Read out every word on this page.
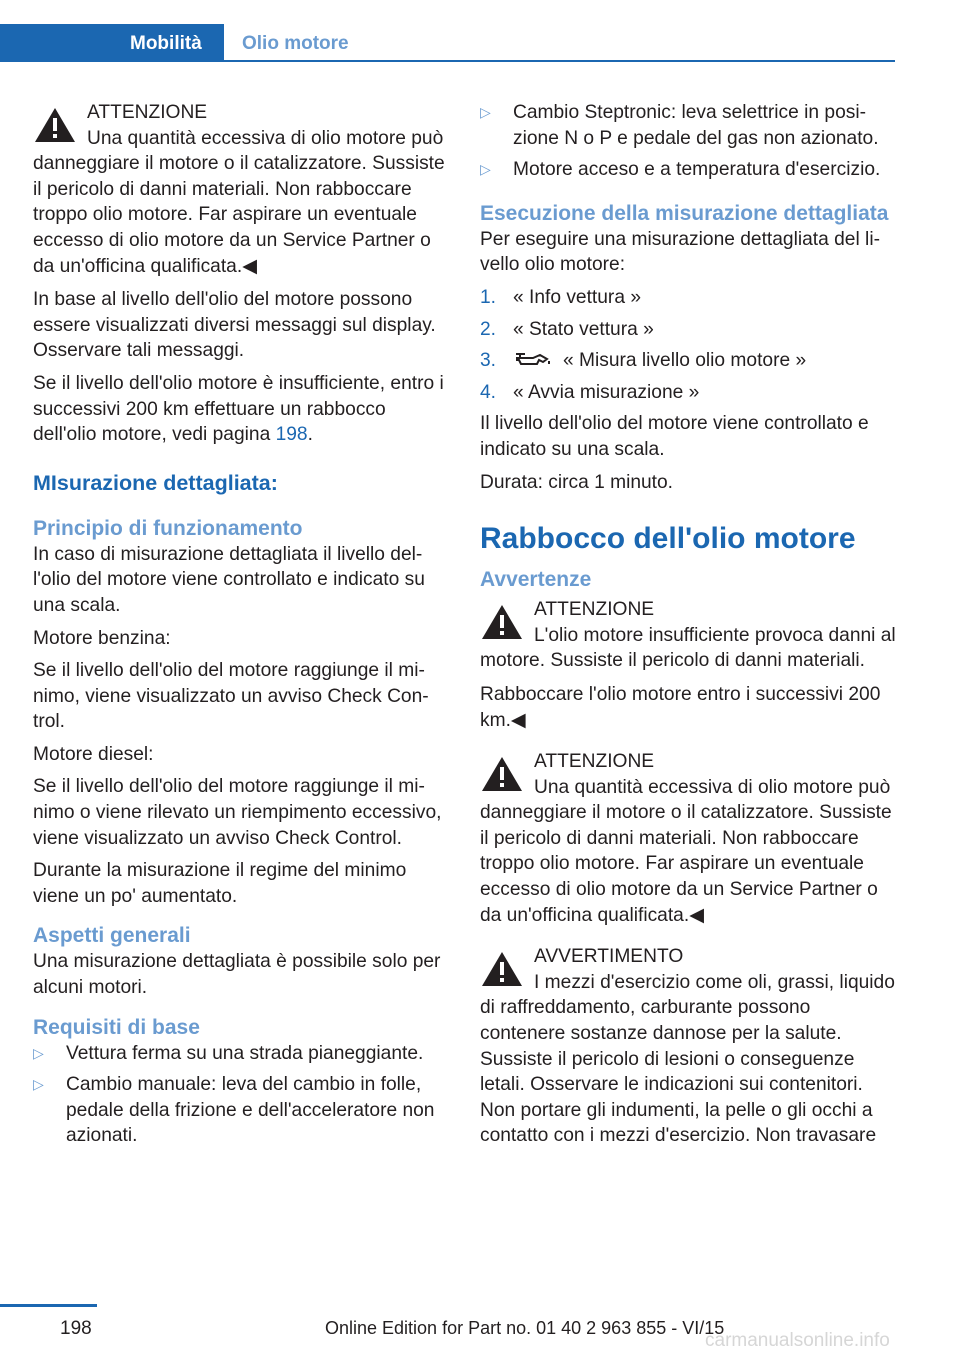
Mobilità Olio motore
ATTENZIONE
Una quantità eccessiva di olio motore può danneggiare il motore o il catalizzatore. Sussiste il pericolo di danni materiali. Non rabboccare troppo olio motore. Far aspirare un eventuale eccesso di olio motore da un Service Partner o da un'officina qualificata.◀

In base al livello dell'olio del motore possono essere visualizzati diversi messaggi sul display. Osservare tali messaggi.

Se il livello dell'olio motore è insufficiente, entro i successivi 200 km effettuare un rabbocco dell'olio motore, vedi pagina 198.

MIsurazione dettagliata:
Principio di funzionamento

In caso di misurazione dettagliata il livello dell'olio del motore viene controllato e indicato su una scala.

Motore benzina:

Se il livello dell'olio del motore raggiunge il minimo, viene visualizzato un avviso Check Control.

Motore diesel:

Se il livello dell'olio del motore raggiunge il minimo o viene rilevato un riempimento eccessivo, viene visualizzato un avviso Check Control.

Durante la misurazione il regime del minimo viene un po' aumentato.

Aspetti generali

Una misurazione dettagliata è possibile solo per alcuni motori.

Requisiti di base
▷ Vettura ferma su una strada pianeggiante.
▷ Cambio manuale: leva del cambio in folle, pedale della frizione e dell'acceleratore non azionati.
▷ Cambio Steptronic: leva selettrice in posizione N o P e pedale del gas non azionato.
▷ Motore acceso e a temperatura d'esercizio.
Esecuzione della misurazione dettagliata

Per eseguire una misurazione dettagliata del livello olio motore:

1. « Info vettura »
2. « Stato vettura »
3.	« Misura livello olio motore »
4. « Avvia misurazione »

Il livello dell'olio del motore viene controllato e indicato su una scala.

Durata: circa 1 minuto.

Rabbocco dell'olio motore
Avvertenze
ATTENZIONE
L'olio motore insufficiente provoca danni al motore. Sussiste il pericolo di danni materiali.

Rabboccare l'olio motore entro i successivi 200 km.◀

ATTENZIONE
Una quantità eccessiva di olio motore può danneggiare il motore o il catalizzatore. Sussiste il pericolo di danni materiali. Non rabboccare troppo olio motore. Far aspirare un eventuale eccesso di olio motore da un Service Partner o da un'officina qualificata.◀
AVVERTIMENTO
I mezzi d'esercizio come oli, grassi, liquido di raffreddamento, carburante possono contenere sostanze dannose per la salute. Sussiste il pericolo di lesioni o conseguenze letali. Osservare le indicazioni sui contenitori. Non portare gli indumenti, la pelle o gli occhi a contatto con i mezzi d'esercizio. Non travasare
198	Online Edition for Part no. 01 40 2 963 855 - VI/15
carmanualsonline.info
